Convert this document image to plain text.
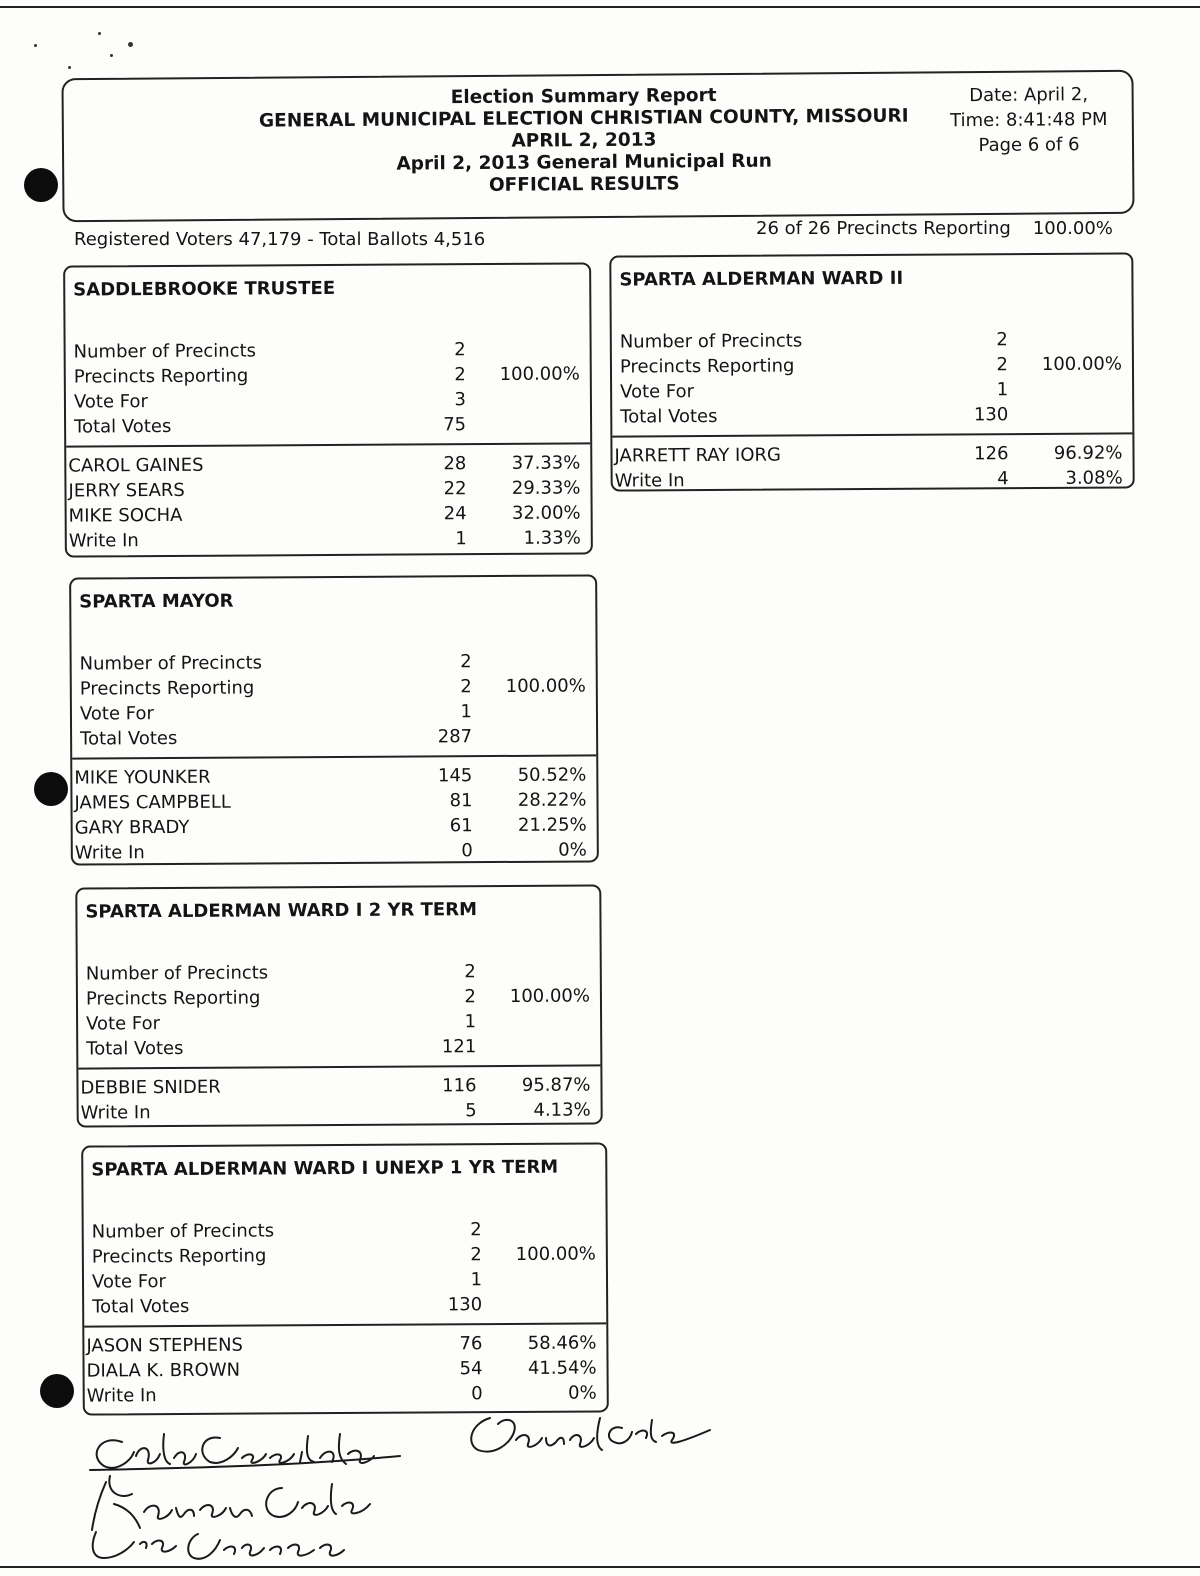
Election Summary Report
GENERAL MUNICIPAL ELECTION CHRISTIAN COUNTY, MISSOURI
APRIL 2, 2013
April 2, 2013 General Municipal Run
OFFICIAL RESULTS
Date: April 2,
Time: 8:41:48 PM
Page 6 of 6
Registered Voters 47,179 - Total Ballots 4,516
26 of 26 Precincts Reporting 100.00%
SADDLEBROOKE TRUSTEE
Number of Precincts	2
Precincts Reporting	2 100.00%
Vote For	3
Total Votes	75
CAROL GAINES	28	37.33%
JERRY SEARS	22	29.33%
MIKE SOCHA	24	32.00%
Write In	1	1.33%
SPARTA ALDERMAN WARD II
Number of Precincts	2
Precincts Reporting	2 100.00%
Vote For	1
Total Votes	130
JARRETT RAY IORG	126	96.92%
Write In	4	3.08%
SPARTA MAYOR
Number of Precincts	2
Precincts Reporting	2 100.00%
Vote For	1
Total Votes	287
MIKE YOUNKER	145	50.52%
JAMES CAMPBELL	81	28.22%
GARY BRADY	61	21.25%
Write In	0	0%
SPARTA ALDERMAN WARD I 2 YR TERM
Number of Precincts	2
Precincts Reporting	2 100.00%
Vote For	1
Total Votes	121
DEBBIE SNIDER	116	95.87%
Write In	5	4.13%
SPARTA ALDERMAN WARD I UNEXP 1 YR TERM
Number of Precincts	2
Precincts Reporting	2 100.00%
Vote For	1
Total Votes	130
JASON STEPHENS	76	58.46%
DIALA K. BROWN	54	41.54%
Write In	0	0%
